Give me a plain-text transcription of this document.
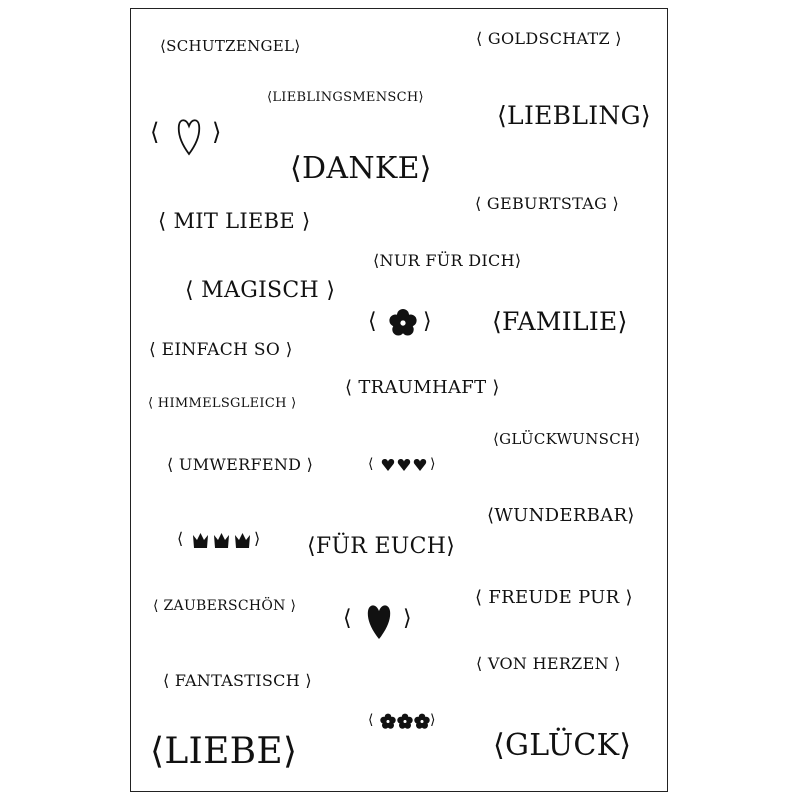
⟨SCHUTZENGEL⟩	⟨ GOLDSCHATZ ⟩
⟨LIEBLINGSMENSCH⟩
⟨LIEBLING⟩
⟨DANKE⟩
⟨ MIT LIEBE ⟩
⟨ GEBURTSTAG ⟩
⟨NUR FÜR DICH⟩
⟨ MAGISCH ⟩
⟨FAMILIE⟩
⟨ EINFACH SO ⟩
⟨ TRAUMHAFT ⟩
⟨ HIMMELSGLEICH ⟩
⟨GLÜCKWUNSCH⟩
⟨ UMWERFEND ⟩
⟨WUNDERBAR⟩
⟨FÜR EUCH⟩
⟨ ZAUBERSCHÖN ⟩	⟨ FREUDE PUR ⟩
⟨ VON HERZEN ⟩
⟨ FANTASTISCH ⟩
⟨LIEBE⟩	⟨GLÜCK⟩
⟨ ⟩
⟨ ⟩
⟨	⟩
⟨	⟩
⟨ ⟩
⟨	⟩
